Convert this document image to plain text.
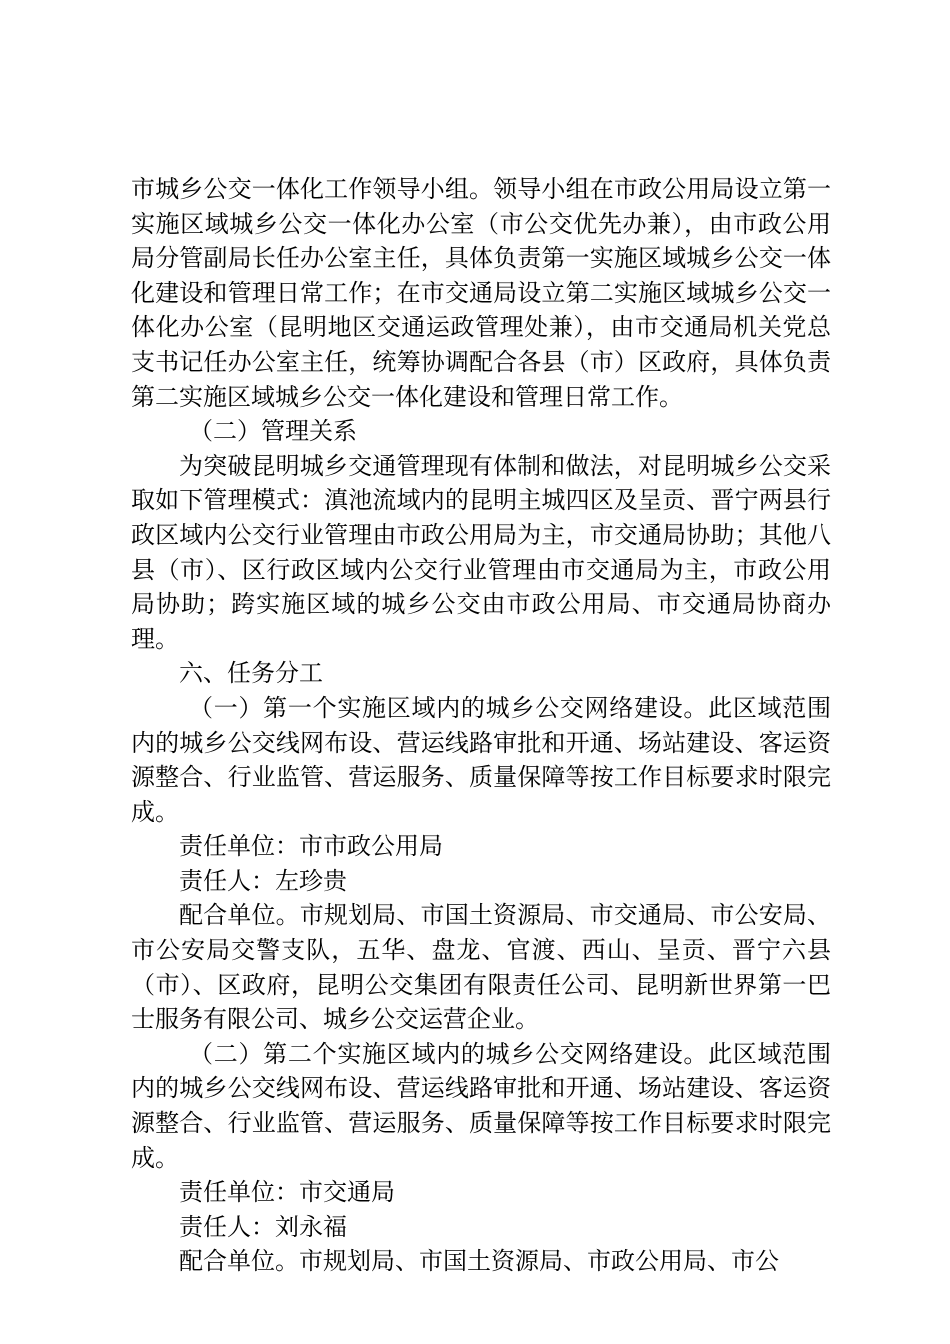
市城乡公交一体化工作领导小组。领导小组在市政公用局设立第一实施区域城乡公交一体化办公室（市公交优先办兼），由市政公用局分管副局长任办公室主任，具体负责第一实施区域城乡公交一体化建设和管理日常工作；在市交通局设立第二实施区域城乡公交一体化办公室（昆明地区交通运政管理处兼），由市交通局机关党总支书记任办公室主任，统筹协调配合各县（市）区政府，具体负责第二实施区域城乡公交一体化建设和管理日常工作。

（二）管理关系

为突破昆明城乡交通管理现有体制和做法，对昆明城乡公交采取如下管理模式：滇池流域内的昆明主城四区及呈贡、晋宁两县行政区域内公交行业管理由市政公用局为主，市交通局协助；其他八县（市）、区行政区域内公交行业管理由市交通局为主，市政公用局协助；跨实施区域的城乡公交由市政公用局、市交通局协商办理。

六、任务分工

（一）第一个实施区域内的城乡公交网络建设。此区域范围内的城乡公交线网布设、营运线路审批和开通、场站建设、客运资源整合、行业监管、营运服务、质量保障等按工作目标要求时限完成。

责任单位：市市政公用局

责任人：左珍贵

配合单位。市规划局、市国土资源局、市交通局、市公安局、市公安局交警支队，五华、盘龙、官渡、西山、呈贡、晋宁六县（市）、区政府，昆明公交集团有限责任公司、昆明新世界第一巴士服务有限公司、城乡公交运营企业。

（二）第二个实施区域内的城乡公交网络建设。此区域范围内的城乡公交线网布设、营运线路审批和开通、场站建设、客运资源整合、行业监管、营运服务、质量保障等按工作目标要求时限完成。

责任单位：市交通局

责任人：刘永福

配合单位。市规划局、市国土资源局、市政公用局、市公
